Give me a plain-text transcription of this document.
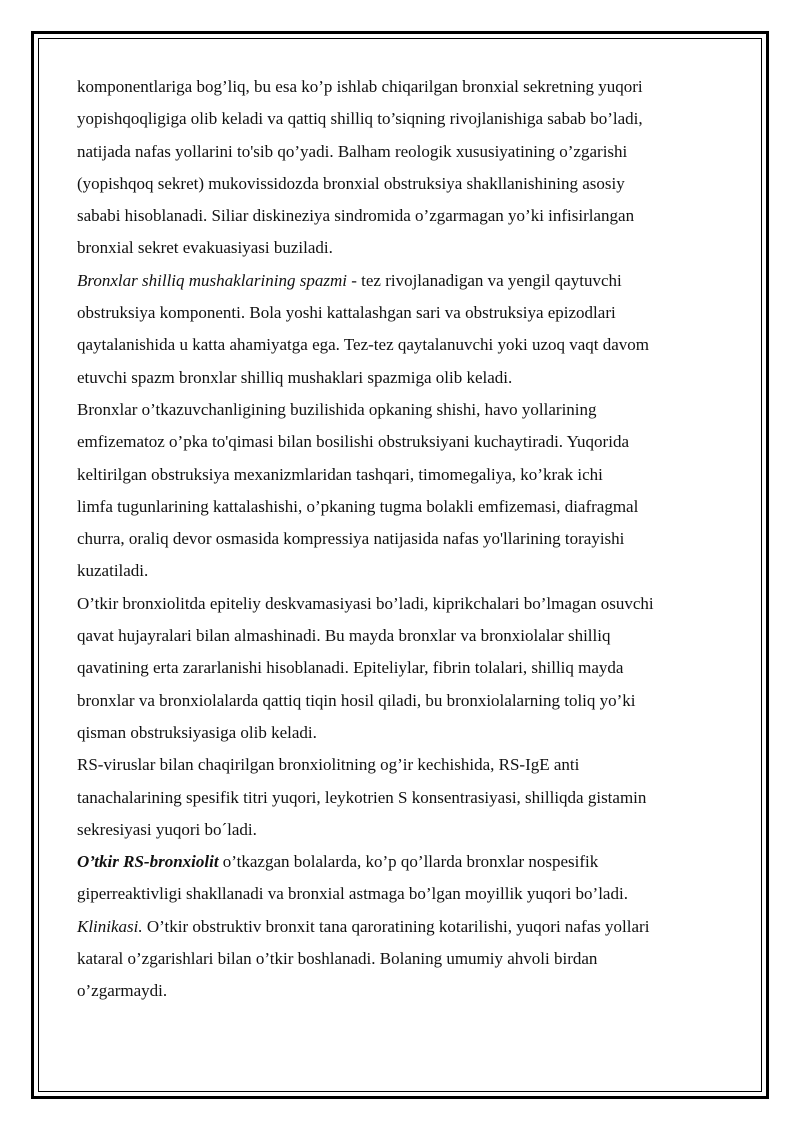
komponentlariga bog’liq, bu esa ko’p ishlab chiqarilgan bronxial sekretning yuqori
yopishqoqligiga olib keladi va qattiq shilliq to’siqning rivojlanishiga sabab bo’ladi,
natijada nafas yollarini to'sib qo’yadi. Balham reologik xususiyatining o’zgarishi
(yopishqoq sekret) mukovissidozda bronxial obstruksiya shakllanishining asosiy
sababi hisoblanadi. Siliar diskineziya sindromida o’zgarmagan yo’ki infisirlangan
bronxial sekret evakuasiyasi buziladi.

Bronxlar shilliq mushaklarining spazmi - tez rivojlanadigan va yengil qaytuvchi
obstruksiya komponenti. Bola yoshi kattalashgan sari va obstruksiya epizodlari
qaytalanishida u katta ahamiyatga ega. Tez-tez qaytalanuvchi yoki uzoq vaqt davom
etuvchi spazm bronxlar shilliq mushaklari spazmiga olib keladi.

Bronxlar o’tkazuvchanligining buzilishida opkaning shishi, havo yollarining
emfizematoz o’pka to'qimasi bilan bosilishi obstruksiyani kuchaytiradi. Yuqorida
keltirilgan obstruksiya mexanizmlaridan tashqari, timomegaliya, ko’krak ichi
limfa tugunlarining kattalashishi, o’pkaning tugma bolakli emfizemasi, diafragmal
churra, oraliq devor osmasida kompressiya natijasida nafas yo'llarining torayishi
kuzatiladi.

O’tkir bronxiolitda epiteliy deskvamasiyasi bo’ladi, kiprikchalari bo’lmagan osuvchi
qavat hujayralari bilan almashinadi. Bu mayda bronxlar va bronxiolalar shilliq
qavatining erta zararlanishi hisoblanadi. Epiteliylar, fibrin tolalari, shilliq mayda
bronxlar va bronxiolalarda qattiq tiqin hosil qiladi, bu bronxiolalarning toliq yo’ki
qisman obstruksiyasiga olib keladi.

RS-viruslar bilan chaqirilgan bronxiolitning og’ir kechishida, RS-IgE anti
tanachalarining spesifik titri yuqori, leykotrien S konsentrasiyasi, shilliqda gistamin
sekresiyasi yuqori bo´ladi.

O’tkir RS-bronxiolit o’tkazgan bolalarda, ko’p qo’llarda bronxlar nospesifik
giperreaktivligi shakllanadi va bronxial astmaga bo’lgan moyillik yuqori bo’ladi.

Klinikasi. O’tkir obstruktiv bronxit tana qaroratining kotarilishi, yuqori nafas yollari
kataral o’zgarishlari bilan o’tkir boshlanadi. Bolaning umumiy ahvoli birdan
o’zgarmaydi.
